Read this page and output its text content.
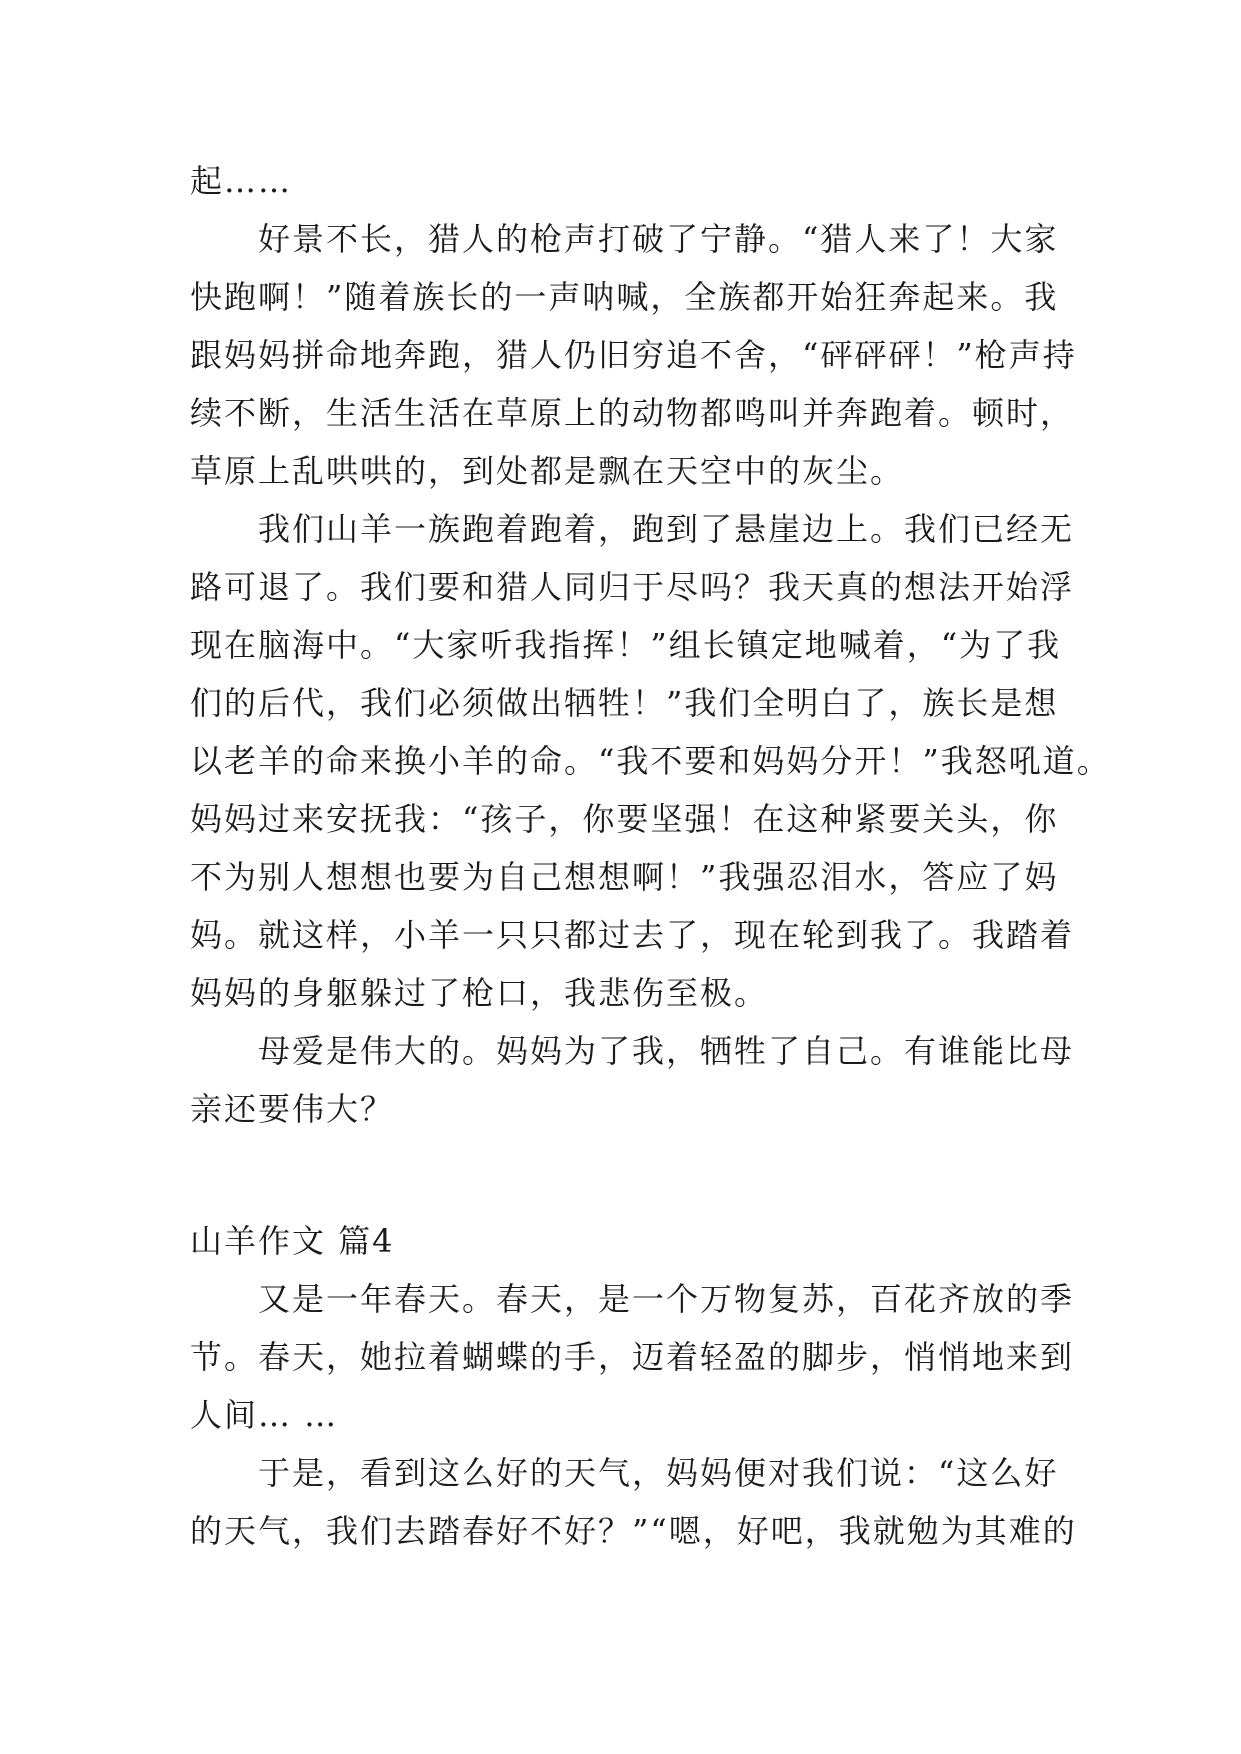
起……
　　好景不长，猎人的枪声打破了宁静。“猎人来了！大家
快跑啊！”随着族长的一声呐喊，全族都开始狂奔起来。我
跟妈妈拼命地奔跑，猎人仍旧穷追不舍，“砰砰砰！”枪声持
续不断，生活生活在草原上的动物都鸣叫并奔跑着。顿时，
草原上乱哄哄的，到处都是飘在天空中的灰尘。
　　我们山羊一族跑着跑着，跑到了悬崖边上。我们已经无
路可退了。我们要和猎人同归于尽吗？我天真的想法开始浮
现在脑海中。“大家听我指挥！”组长镇定地喊着，“为了我
们的后代，我们必须做出牺牲！”我们全明白了，族长是想
以老羊的命来换小羊的命。“我不要和妈妈分开！”我怒吼道。
妈妈过来安抚我：“孩子，你要坚强！在这种紧要关头，你
不为别人想想也要为自己想想啊！”我强忍泪水，答应了妈
妈。就这样，小羊一只只都过去了，现在轮到我了。我踏着
妈妈的身躯躲过了枪口，我悲伤至极。
　　母爱是伟大的。妈妈为了我，牺牲了自己。有谁能比母
亲还要伟大？
山羊作文 篇4
　　又是一年春天。春天，是一个万物复苏，百花齐放的季
节。春天，她拉着蝴蝶的手，迈着轻盈的脚步，悄悄地来到
人间… …
　　于是，看到这么好的天气，妈妈便对我们说：“这么好
的天气，我们去踏春好不好？”“嗯，好吧，我就勉为其难的
